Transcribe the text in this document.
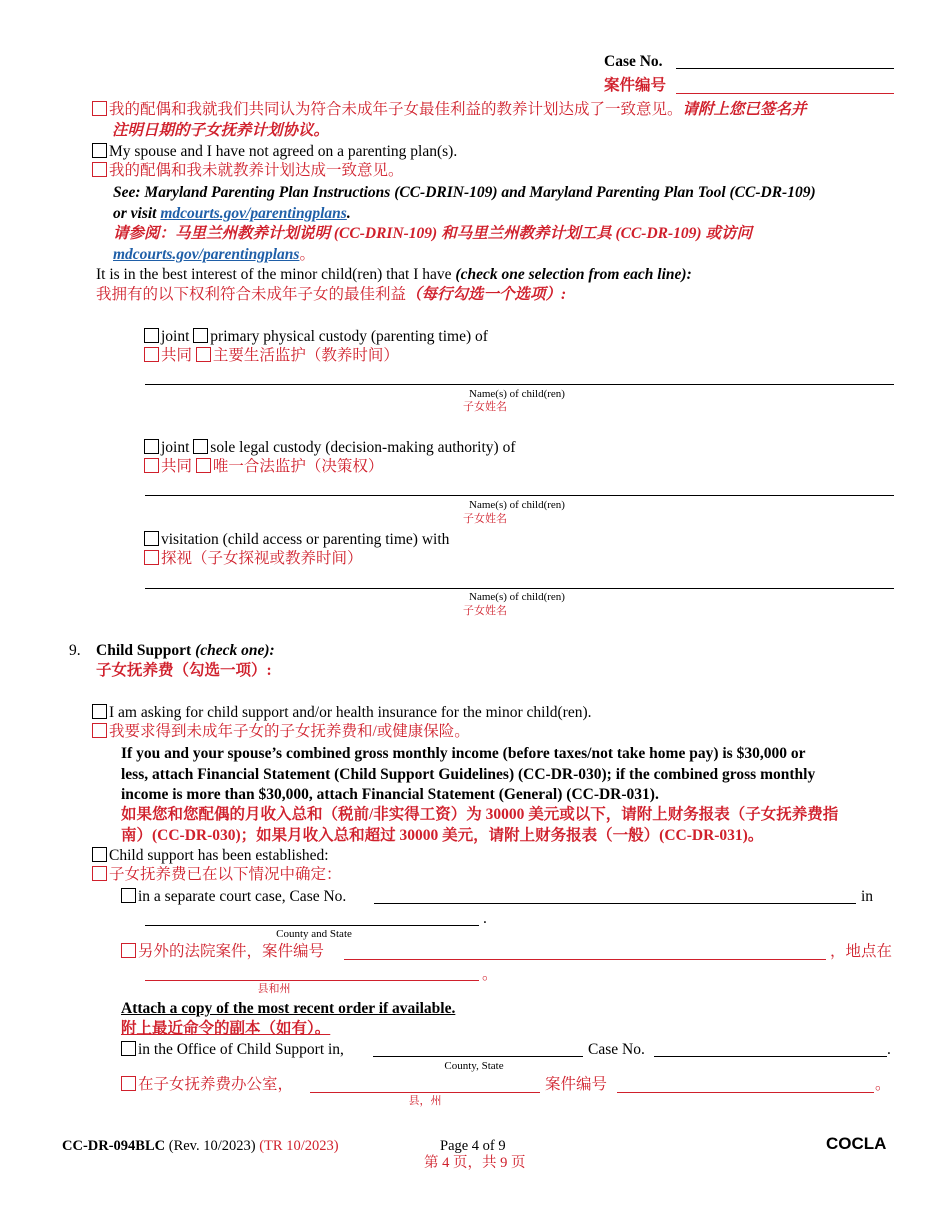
Case No.
案件编号
我的配偶和我就我们共同认为符合未成年子女最佳利益的教养计划达成了一致意见。请附上您已签名并
注明日期的子女抚养计划协议。
My spouse and I have not agreed on a parenting plan(s).
我的配偶和我未就教养计划达成一致意见。
See: Maryland Parenting Plan Instructions (CC-DRIN-109) and Maryland Parenting Plan Tool (CC-DR-109)
or visit mdcourts.gov/parentingplans.
请参阅：马里兰州教养计划说明 (CC-DRIN-109) 和马里兰州教养计划工具 (CC-DR-109) 或访问
mdcourts.gov/parentingplans。
It is in the best interest of the minor child(ren) that I have (check one selection from each line):
我拥有的以下权利符合未成年子女的最佳利益（每行勾选一个选项）:
joint primary physical custody (parenting time) of
共同 主要生活监护（教养时间）
Name(s) of child(ren)
子女姓名
joint sole legal custody (decision-making authority) of
共同 唯一合法监护（决策权）
Name(s) of child(ren)
子女姓名
visitation (child access or parenting time) with
探视（子女探视或教养时间）
Name(s) of child(ren)
子女姓名
9. Child Support (check one):
子女抚养费（勾选一项）:
I am asking for child support and/or health insurance for the minor child(ren).
我要求得到未成年子女的子女抚养费和/或健康保险。
If you and your spouse’s combined gross monthly income (before taxes/not take home pay) is $30,000 or
less, attach Financial Statement (Child Support Guidelines) (CC-DR-030); if the combined gross monthly
income is more than $30,000, attach Financial Statement (General) (CC-DR-031).
如果您和您配偶的月收入总和（税前/非实得工资）为 30000 美元或以下，请附上财务报表（子女抚养费指
南）(CC-DR-030)；如果月收入总和超过 30000 美元，请附上财务报表（一般）(CC-DR-031)。
Child support has been established:
子女抚养费已在以下情况中确定：
in a separate court case, Case No.	in
.
County and State
另外的法院案件，案件编号	，地点在
。
县和州
Attach a copy of the most recent order if available.
附上最近命令的副本（如有）。
in the Office of Child Support in,	Case No.	.
County, State
在子女抚养费办公室，	案件编号	。
县，州
CC-DR-094BLC (Rev. 10/2023) (TR 10/2023)	Page 4 of 9
第 4 页，共 9 页
COCLA
